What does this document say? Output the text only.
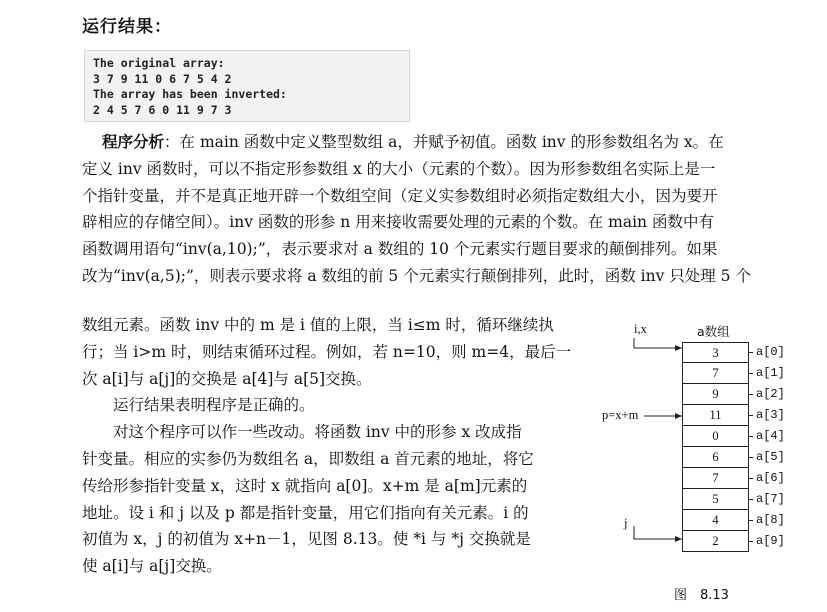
运行结果：
The original array:
3 7 9 11 0 6 7 5 4 2
The array has been inverted:
2 4 5 7 6 0 11 9 7 3
程序分析：在 main 函数中定义整型数组 a，并赋予初值。函数 inv 的形参数组名为 x。在
定义 inv 函数时，可以不指定形参数组 x 的大小（元素的个数）。因为形参数组名实际上是一
个指针变量，并不是真正地开辟一个数组空间（定义实参数组时必须指定数组大小，因为要开
辟相应的存储空间）。inv 函数的形参 n 用来接收需要处理的元素的个数。在 main 函数中有
函数调用语句“inv(a,10);”，表示要求对 a 数组的 10 个元素实行题目要求的颠倒排列。如果
改为“inv(a,5);”，则表示要求将 a 数组的前 5 个元素实行颠倒排列，此时，函数 inv 只处理 5 个
数组元素。函数 inv 中的 m 是 i 值的上限，当 i≤m 时，循环继续执
行；当 i>m 时，则结束循环过程。例如，若 n=10，则 m=4，最后一
次 a[i]与 a[j]的交换是 a[4]与 a[5]交换。
　　运行结果表明程序是正确的。
　　对这个程序可以作一些改动。将函数 inv 中的形参 x 改成指
针变量。相应的实参仍为数组名 a，即数组 a 首元素的地址，将它
传给形参指针变量 x，这时 x 就指向 a[0]。x+m 是 a[m]元素的
地址。设 i 和 j 以及 p 都是指针变量，用它们指向有关元素。i 的
初值为 x，j 的初值为 x+n－1，见图 8.13。使 *i 与 *j 交换就是
使 a[i]与 a[j]交换。
i,x	a数组
p=x+m
j
3	a[0]
7	a[1]
9	a[2]
11	a[3]
0	a[4]
6	a[5]
7	a[6]
5	a[7]
4	a[8]
2	a[9]
图　8.13
